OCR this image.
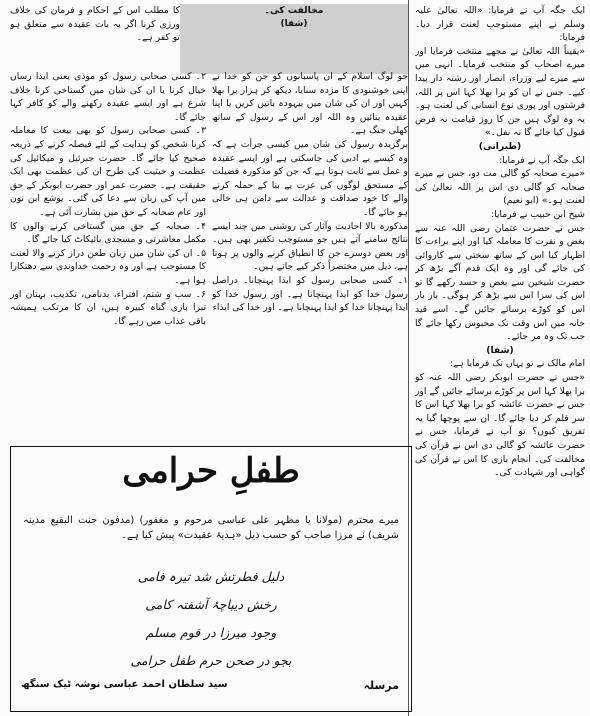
ایک جگہ آپ نے فرمایا: «اللہ تعالیٰ علیہ وسلم نے اپنے مستوجب لعنت قرار دیا۔ فرمایا:

«یقیناً اللہ تعالیٰ نے مجھے منتخب فرمایا اور میرے اصحاب کو منتخب فرمایا۔ انہی میں سے میرے لیے وزراء، انصار اور رشتہ دار پیدا کیے۔ جس نے ان کو برا بھلا کہا اس پر اللہ، فرشتوں اور پوری نوع انسانی کی لعنت ہو۔ یہ وہ لوگ ہیں جن کا روز قیامت نہ فرض قبول کیا جائے گا نہ نفل۔»

(طبرانی)

ایک جگہ آپ نے فرمایا:

«میرے صحابہ کو گالی مت دو، جس نے میرے صحابہ کو گالی دی اس پر اللہ تعالیٰ کی لعنت ہو۔» (ابو نعیم)

شیخ ابن حبیب نے فرمایا:

جس نے حضرت عثمان رضی اللہ عنہ سے بغض و نفرت کا معاملہ کیا اور اپنے براءت کا اظہار کیا اس کے ساتھ سختی سے کاروائی کی جائے گی اور وہ ایک قدم آگے بڑھ کر حضرت شیخین سے بغض و حسد رکھے گا تو اس کی سزا اس سے بڑھ کر ہوگی۔ بار بار اس کو کوڑے برسائے جائیں گے۔ اسے قید خانہ میں اس وقت تک محبوس رکھا جائے گا جب تک وہ مر جائے۔

(شفا)

امام مالک نے تو یہاں تک فرمایا ہے:

«جس نے حضرت ابوبکر رضی اللہ عنہ کو برا بھلا کہا اس پر کوڑے برسائے جائیں گے اور جس نے حضرت عائشہ کو برا بھلا کہا اس کا سر قلم کر دیا جائے گا۔ ان سے پوچھا گیا یہ تفریق کیوں؟ تو آپ نے فرمایا، جس نے حضرت عائشہ کو گالی دی اس نے قرآن کی مخالفت کی۔ انجام بازی کا اس نے قرآن کی گواہی اور شہادت کی۔

کا مطلب اس کے احکام و فرمان کی خلاف ورزی کرنا اگر یہ بات عقیدہ سے متعلق ہو تو کفر ہے۔
مخالفت کی۔
(شفا)

جو لوگ اسلام کے ان پاسبانوں کو جن کو خدا نے اپنی خوشنودی کا مژدہ سنایا، دیکھ کر ہزار برا بھلا کہیں اور ان کی شان میں بیہودہ باتیں کریں یا اپنا عقیدہ بنائیں وہ اللہ اور اس کے رسول کے ساتھ کھلی جنگ ہے۔

برگزیدہ رسول کی شان میں کیسی جرأت ہے کہ وہ کیسے بے ادبی کی جاسکتی ہے اور ایسے عقیدہ و عمل سے ثابت ہوتا ہے کہ جن کو مذکورہ فضیلت کے مستحق لوگوں کی عزت بے بنا کے حملہ کرنے والے کا خود صداقت و عدالت سے دامن ہی خالی ہو جائے گا۔

مذکورہ بالا احادیث وآثار کی روشنی میں چند ایسے نتائج سامنے آتے ہیں جو مستوجب تکفیر بھی ہیں۔ اور بعض دوسرے جن کا انطباق کرنے والوں پر ہوتا ہے، ذیل میں مختصراً ذکر کیے جاتے ہیں۔

۱۔ کسی صحابی رسول کو ایذا پہنچانا۔ دراصل رسول خدا کو ایذا پہنچانا ہے۔ اور رسول خدا کو ایذا پہنچانا خدا کو ایذا پہنچانا ہے۔ اور خدا کی ایذاء

۲۔ کسی صحابی رسول کو موذی یعنی ایذا رساں خیال کرنا یا ان کی شان میں گستاخی کرنا خلاف شرع ہے اور ایسے عقیدہ رکھنے والے کو کافر کہا جائے گا۔

۳۔ کسی صحابی رسول کو بھی بیعت کا معاملہ کرنا شخص کو ہدایت کے لئے فیصلہ کرنے کے ذریعہ صحیح کیا جائے گا۔ حضرت جبرئیل و میکائیل کی عظمت و حیثیت کی طرح ان کی عظمت بھی ایک حقیقت ہے۔ حضرت عمر اور حضرت ابوبکر کے حق میں آپ کی زبان سے دعا کی گئی۔ یوشع ابن نون اور عام صحابہ کے حق میں بشارت آئی ہے۔

۴۔ صحابہ کے حق میں گستاخی کرنے والوں کا مکمل معاشرتی و مسجدی بائیکاٹ کیا جائے گا۔

۵۔ ان کی شان میں زبان طعن دراز کرنے والا لعنت کا مستوجب ہے اور وہ رحمت خداوندی سے دھتکارا ہوا ہے۔

۶۔ سب و شتم، افتراء، بدنامی، تکذیب، بہتان اور تبرا بازی گناہ کبیرہ ہیں، ان کا مرتکب ہمیشہ باقی عذاب میں رہے گا۔

طفلِ حرامی
میرے محترم (مولانا یا مظہر علی عباسی مرحوم و مغفور) (مدفون جنت البقیع مدینہ شریف) نے مرزا صاحب کو حسب ذیل «ہدیۂ عقیدت» پیش کیا ہے۔
دلیل فطرتش شد تیرہ فامی
رخش دیباچۂ آشفتہ کامی
وجود میرزا در قوم مسلم
بجو در صحن حرم طفل حرامی
مرسلہ
سید سلطان احمد عباسی نوشہ ٹیک سنگھ
